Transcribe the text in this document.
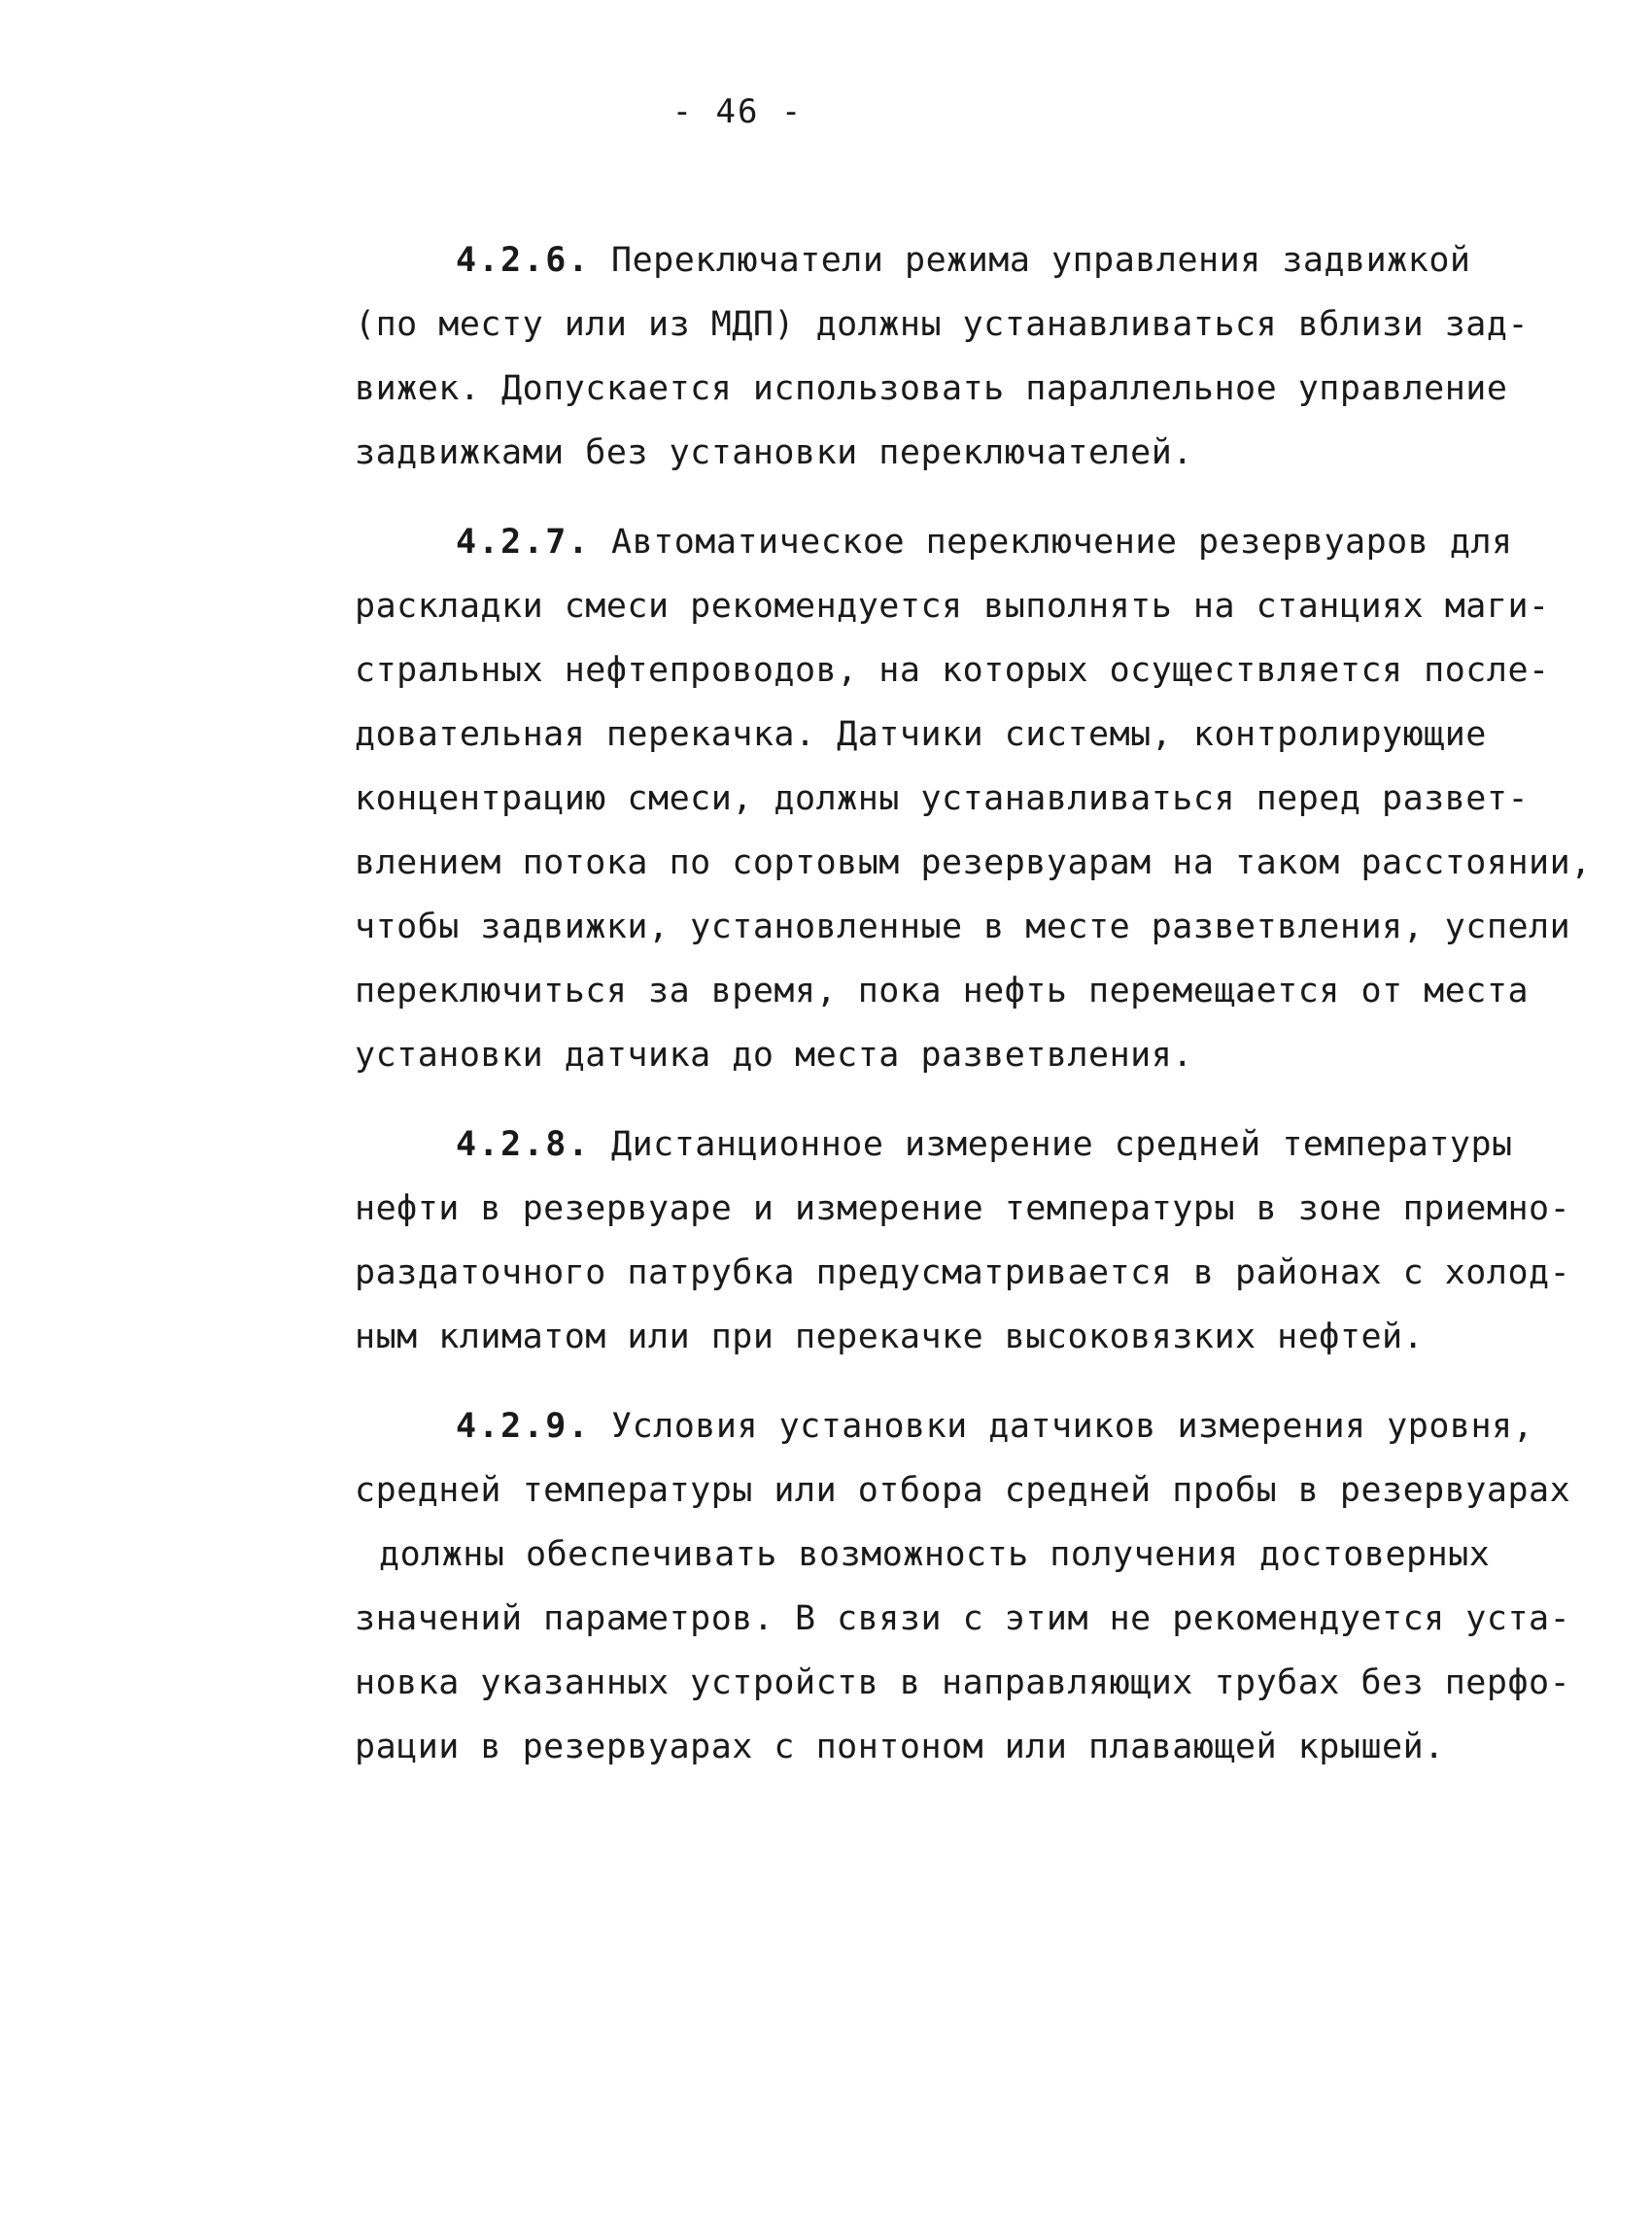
- 46 -
4.2.6. Переключатели режима управления задвижкой
(по месту или из МДП) должны устанавливаться вблизи зад-
вижек. Допускается использовать параллельное управление
задвижками без установки переключателей.
4.2.7. Автоматическое переключение резервуаров для
раскладки смеси рекомендуется выполнять на станциях маги-
стральных нефтепроводов, на которых осуществляется после-
довательная перекачка. Датчики системы, контролирующие
концентрацию смеси, должны устанавливаться перед развет-
влением потока по сортовым резервуарам на таком расстоянии,
чтобы задвижки, установленные в месте разветвления, успели
переключиться за время, пока нефть перемещается от места
установки датчика до места разветвления.
4.2.8. Дистанционное измерение средней температуры
нефти в резервуаре и измерение температуры в зоне приемно-
раздаточного патрубка предусматривается в районах с холод-
ным климатом или при перекачке высоковязких нефтей.
4.2.9. Условия установки датчиков измерения уровня,
средней температуры или отбора средней пробы в резервуарах
должны обеспечивать возможность получения достоверных
значений параметров. В связи с этим не рекомендуется уста-
новка указанных устройств в направляющих трубах без перфо-
рации в резервуарах с понтоном или плавающей крышей.
